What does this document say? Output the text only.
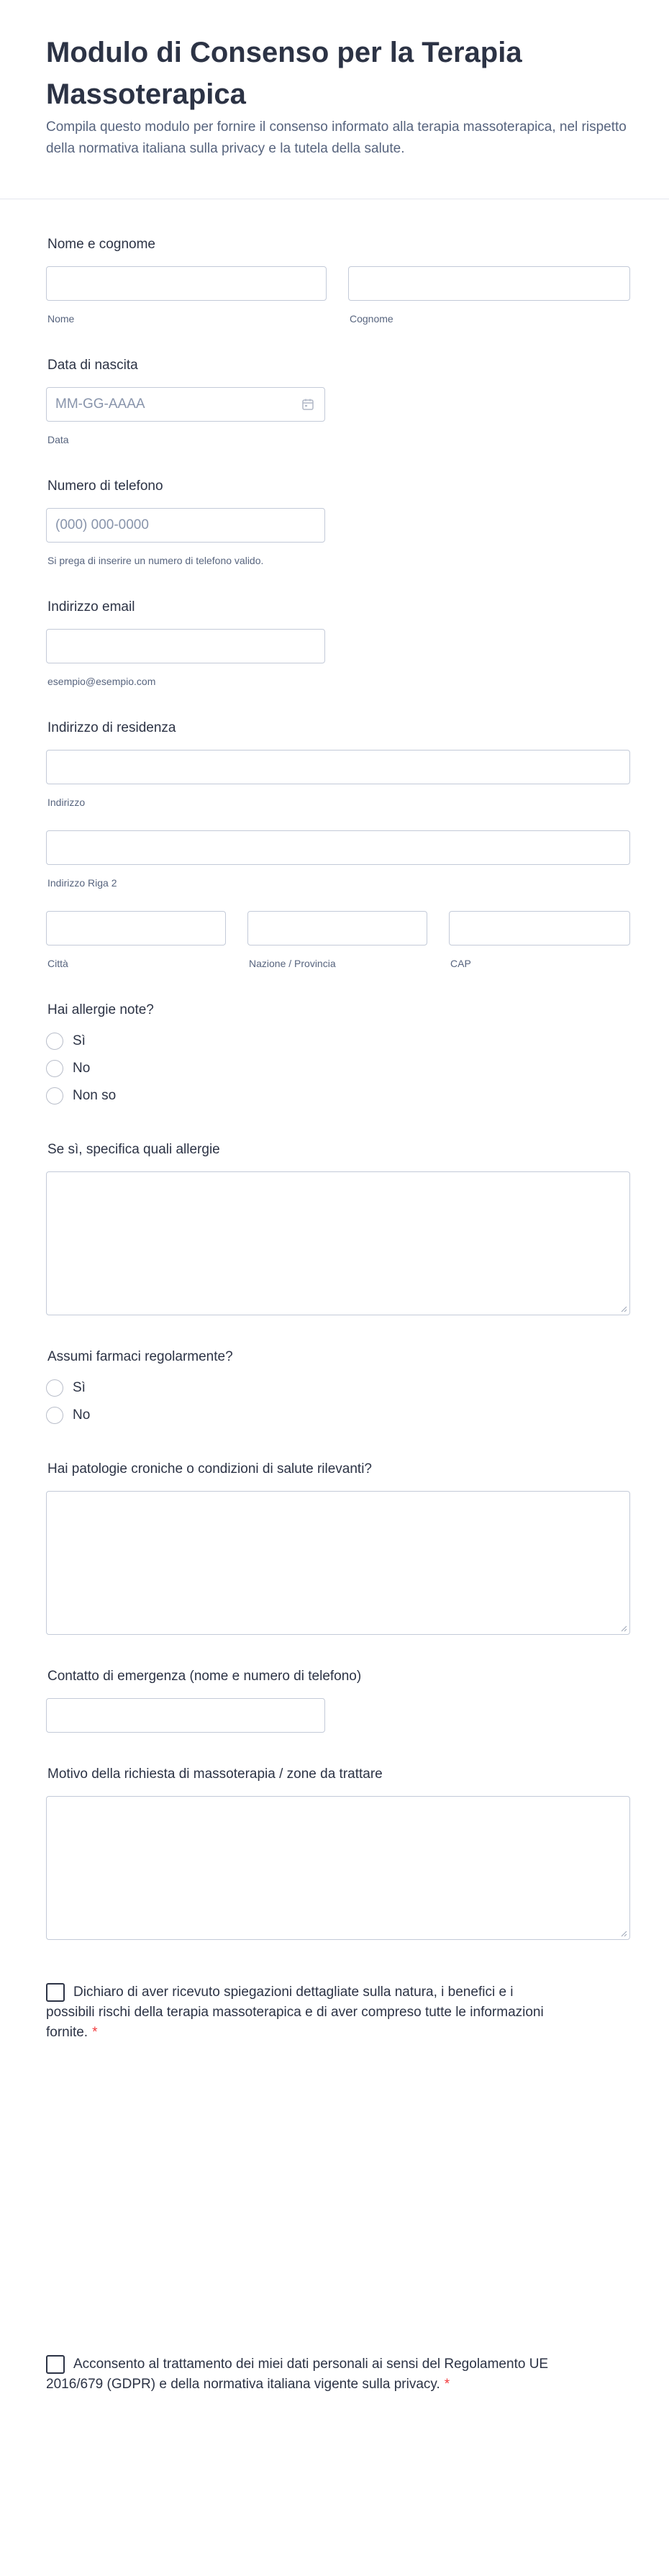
Modulo di Consenso per la Terapia Massoterapica
Compila questo modulo per fornire il consenso informato alla terapia massoterapica, nel rispetto della normativa italiana sulla privacy e la tutela della salute.
Nome e cognome
Nome	Cognome
Data di nascita
MM-GG-AAAA
Data
Numero di telefono
(000) 000-0000
Si prega di inserire un numero di telefono valido.
Indirizzo email
esempio@esempio.com
Indirizzo di residenza
Indirizzo
Indirizzo Riga 2
Città	Nazione / Provincia	CAP
Hai allergie note?
Sì
No
Non so
Se sì, specifica quali allergie
Assumi farmaci regolarmente?
Sì
No
Hai patologie croniche o condizioni di salute rilevanti?
Contatto di emergenza (nome e numero di telefono)
Motivo della richiesta di massoterapia / zone da trattare
Dichiaro di aver ricevuto spiegazioni dettagliate sulla natura, i benefici e i possibili rischi della terapia massoterapica e di aver compreso tutte le informazioni fornite. *
Acconsento al trattamento dei miei dati personali ai sensi del Regolamento UE 2016/679 (GDPR) e della normativa italiana vigente sulla privacy. *
